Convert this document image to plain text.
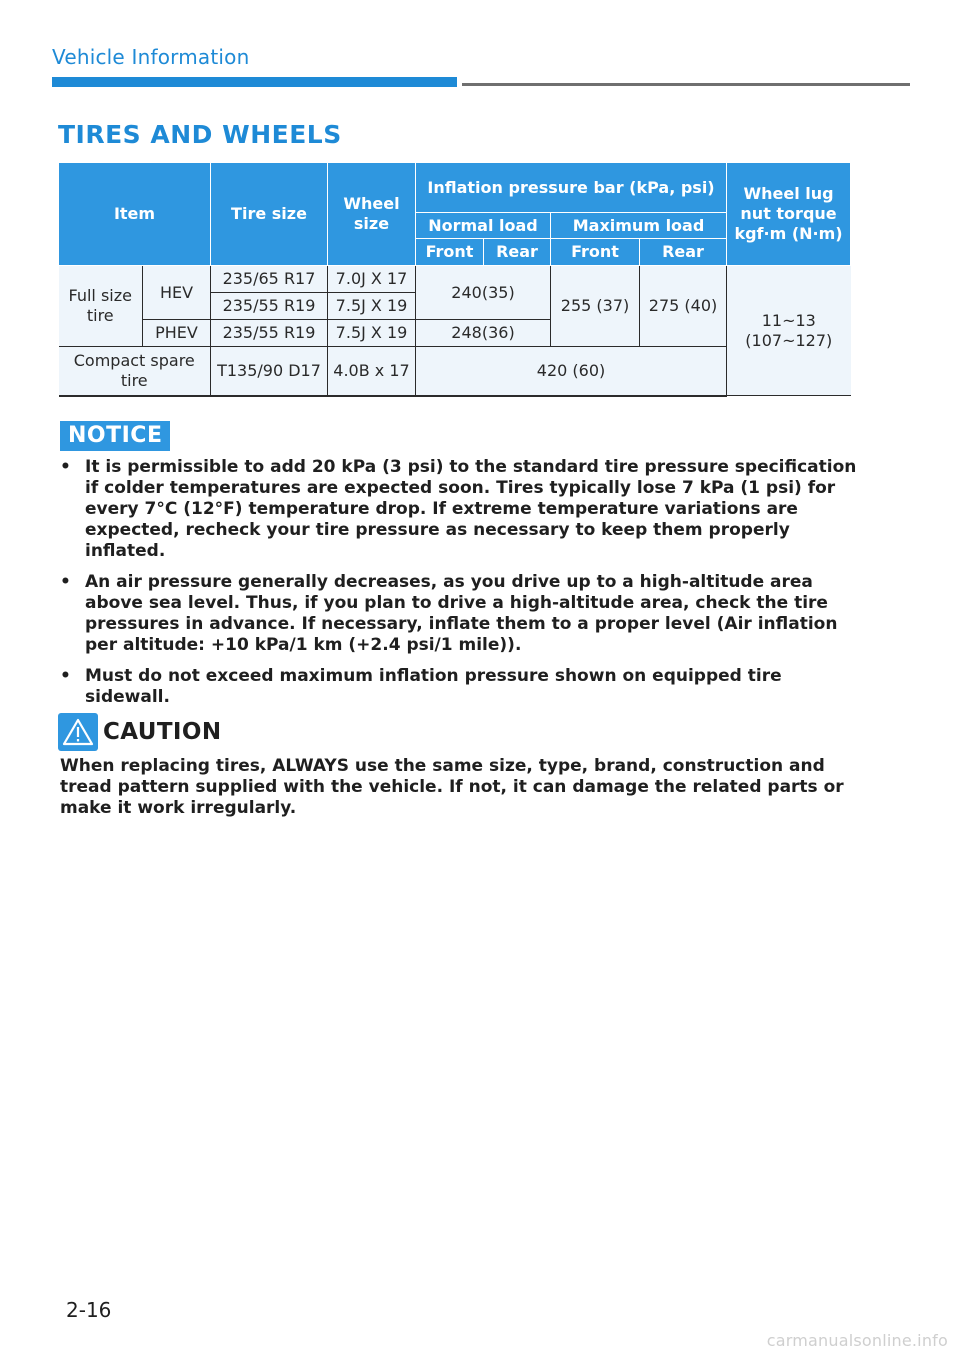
Vehicle Information
TIRES AND WHEELS
Item		Tire size	Wheel size	Inflation pressure bar (kPa, psi)				Wheel lug nut torque kgf·m (N·m)
				Normal load		Maximum load		
				Front	Rear	Front	Rear	
Full size tire	HEV	235/65 R17	7.0J X 17	240(35)		255 (37)	275 (40)	11~13 (107~127)
		235/55 R19	7.5J X 19					
	PHEV	235/55 R19	7.5J X 19	248(36)				
Compact spare tire		T135/90 D17	4.0B x 17	420 (60)				
NOTICE
• It is permissible to add 20 kPa (3 psi) to the standard tire pressure specification if colder temperatures are expected soon. Tires typically lose 7 kPa (1 psi) for every 7°C (12°F) temperature drop. If extreme temperature variations are expected, recheck your tire pressure as necessary to keep them properly inflated.
• An air pressure generally decreases, as you drive up to a high-altitude area above sea level. Thus, if you plan to drive a high-altitude area, check the tire pressures in advance. If necessary, inflate them to a proper level (Air inflation per altitude: +10 kPa/1 km (+2.4 psi/1 mile)).
• Must do not exceed maximum inflation pressure shown on equipped tire sidewall.
CAUTION
When replacing tires, ALWAYS use the same size, type, brand, construction and tread pattern supplied with the vehicle. If not, it can damage the related parts or make it work irregularly.
2-16
carmanualsonline.info
